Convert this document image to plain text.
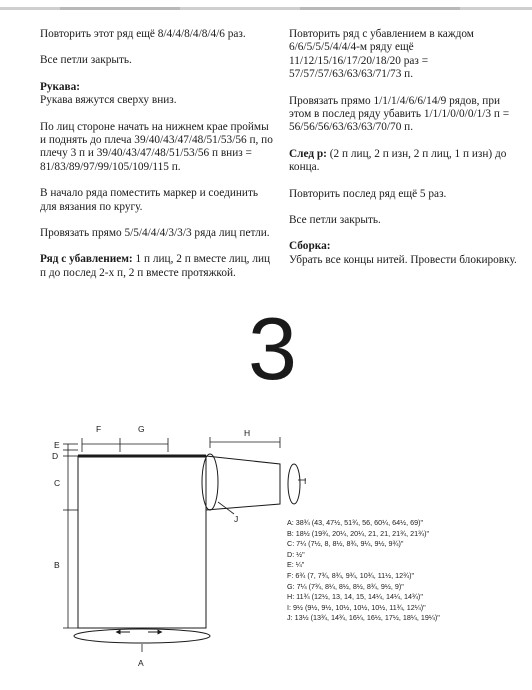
Повторить этот ряд ещё 8/4/4/8/4/8/4/6 раз.

Все петли закрыть.

Рукава:
Рукава вяжутся сверху вниз.

По лиц стороне начать на нижнем крае проймы и поднять до плеча 39/40/43/47/48/51/53/56 п, по плечу 3 п и 39/40/43/47/48/51/53/56 п вниз = 81/83/89/97/99/105/109/115 п.

В начало ряда поместить маркер и соединить для вязания по кругу.

Провязать прямо 5/5/4/4/4/3/3/3 ряда лиц петли.

Ряд с убавлением: 1 п лиц, 2 п вместе лиц, лиц п до послед 2-х п, 2 п вместе протяжкой.

Повторить ряд с убавлением в каждом 6/6/5/5/5/4/4/4-м ряду ещё 11/12/15/16/17/20/18/20 раз = 57/57/57/63/63/63/71/73 п.

Провязать прямо 1/1/1/4/6/6/14/9 рядов, при этом в послед ряду убавить 1/1/1/0/0/0/1/3 п = 56/56/56/63/63/63/70/70 п.

След р: (2 п лиц, 2 п изн, 2 п лиц, 1 п изн) до конца.

Повторить послед ряд ещё 5 раз.

Все петли закрыть.

Сборка:
Убрать все концы нитей. Провести блокировку.

3
A
E
D
C
B
F	G	H
J
I
A: 38¾ (43, 47½, 51¾, 56, 60¼, 64½, 69)"
B: 18½ (19¾, 20¼, 20¼, 21, 21, 21¾, 21¾)"
C: 7¼ (7½, 8, 8½, 8¾, 9¼, 9½, 9¾)"
D: ½"
E: ¼"
F: 6¾ (7, 7¾, 8¾, 9¾, 10¾, 11½, 12¾)"
G: 7¼ (7¾, 8¼, 8½, 8½, 8¾, 9½, 9)"
H: 11¾ (12½, 13, 14, 15, 14¼, 14¼, 14¾)"
I: 9½ (9½, 9½, 10½, 10½, 10½, 11¾, 12¼)"
J: 13½ (13¾, 14¾, 16¼, 16½, 17½, 18¼, 19¼)"
